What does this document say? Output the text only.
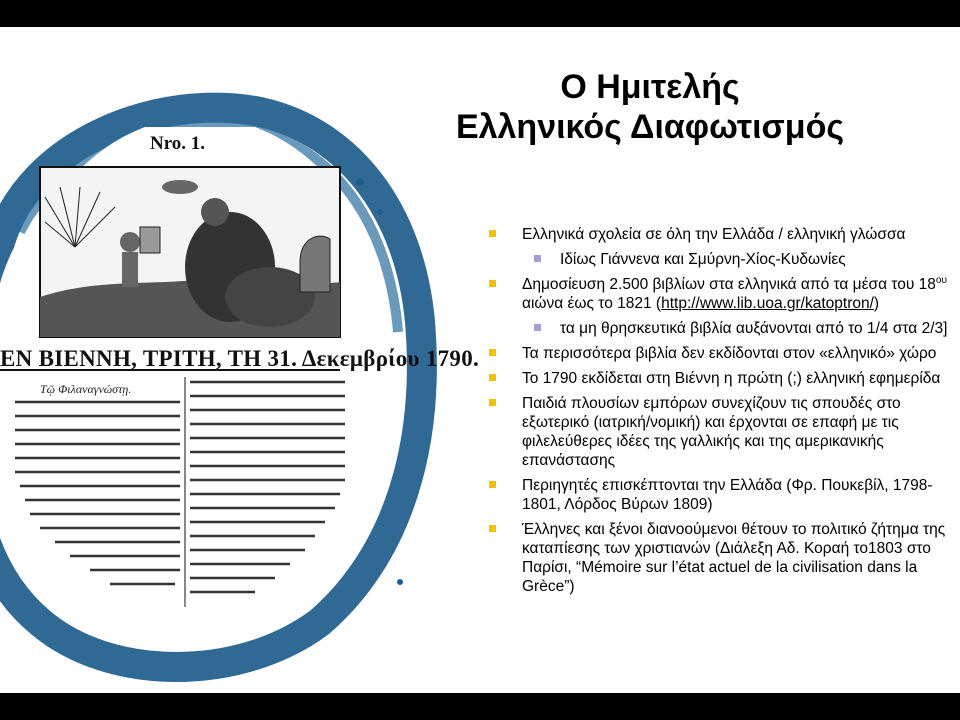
Nro. 1.
ΕΝ ΒΙΕΝΝΗ, ΤΡΙΤΗ, ΤΗ 31. Δεκεμβρίου 1790.
Τῷ Φιλαναγνώστῃ.
Ο Ημιτελής
Ελληνικός Διαφωτισμός
Ελληνικά σχολεία σε όλη την Ελλάδα / ελληνική γλώσσα
Ιδίως Γιάννενα και Σμύρνη-Χίος-Κυδωνίες
Δημοσίευση 2.500 βιβλίων στα ελληνικά από τα μέσα του $18^{o\upsilon}$ αιώνα έως το 1821 (http://www.lib.uoa.gr/katoptron/)
τα μη θρησκευτικά βιβλία αυξάνονται από το 1/4 στα 2/3]
Τα περισσότερα βιβλία δεν εκδίδονται στον «ελληνικό» χώρο
Το 1790 εκδίδεται στη Βιέννη η πρώτη (;) ελληνική εφημερίδα
Παιδιά πλουσίων εμπόρων συνεχίζουν τις σπουδές στο εξωτερικό (ιατρική/νομική) και έρχονται σε επαφή με τις φιλελεύθερες ιδέες της γαλλικής και της αμερικανικής επανάστασης
Περιηγητές επισκέπτονται την Ελλάδα (Φρ. Πουκεβίλ, 1798-1801, Λόρδος Βύρων 1809)
Έλληνες και ξένοι διανοούμενοι θέτουν το πολιτικό ζήτημα της καταπίεσης των χριστιανών (Διάλεξη Αδ. Κοραή το1803 στο Παρίσι, “Mémoire sur l’état actuel de la civilisation dans la Grèce”)
